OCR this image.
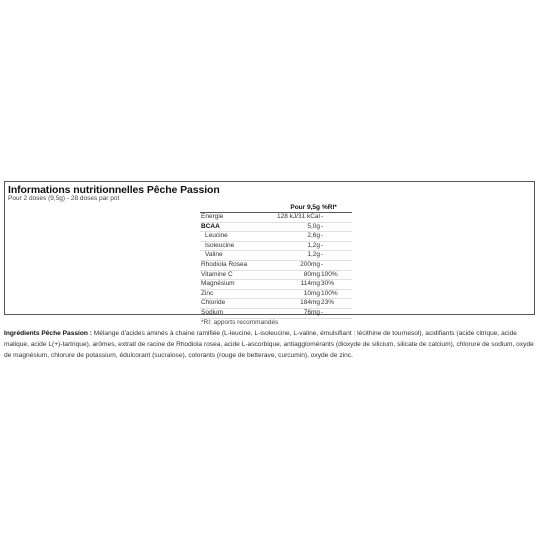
Informations nutritionnelles Pêche Passion
Pour 2 doses (9,5g) - 28 doses par pot
	Pour 9,5g	%RI*
Energie	128 kJ/31 kCal	-
BCAA	5,0g	-
Leucine	2,6g	-
Isoleucine	1,2g	-
Valine	1,2g	-
Rhodiola Rosea	200mg	-
Vitamine C	80mg	100%
Magnésium	114mg	30%
Zinc	10mg	100%
Chloride	184mg	23%
Sodium	76mg	-
*RI: apports recommandés		
Ingrédients Pêche Passion : Mélange d'acides aminés à chaine ramifiée (L-leucine, L-isoleucine, L-valine, émulsifiant : lécithine de tournesol), acidifiants (acide citrique, acide malique, acide L(+)-tartrique), arômes, extrait de racine de Rhodiola rosea, acide L-ascorbique, antiagglomérants (dioxyde de silicium, silicate de calcium), chlorure de sodium, oxyde de magnésium, chlorure de potassium, édulcorant (sucralose), colorants (rouge de betterave, curcumin), oxyde de zinc.
